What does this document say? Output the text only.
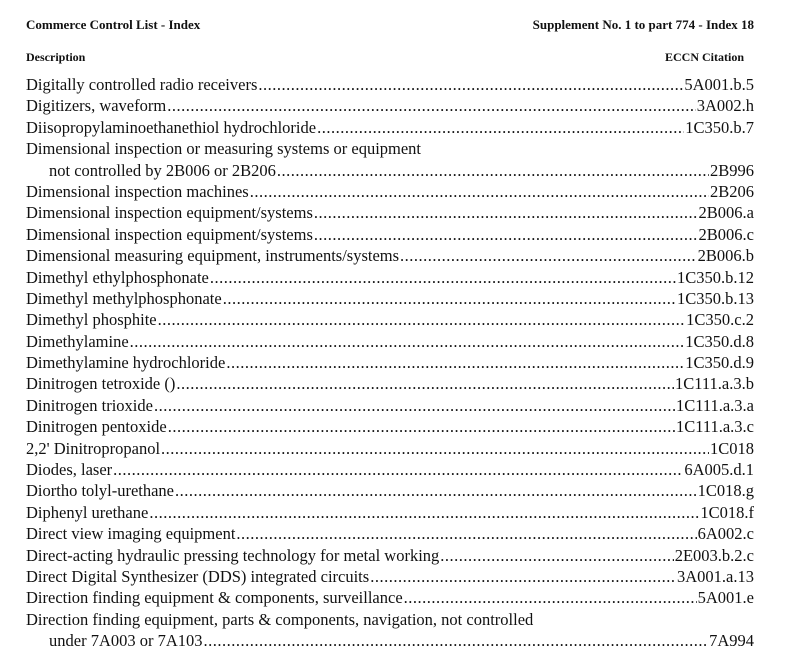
Commerce Control List - Index	Supplement No. 1 to part 774 - Index 18
Description	ECCN Citation
Digitally controlled radio receivers .....	5A001.b.5
Digitizers, waveform .....	3A002.h
Diisopropylaminoethanethiol hydrochloride .....	1C350.b.7
Dimensional inspection or measuring systems or equipment
not controlled by 2B006 or 2B206 .....	2B996
Dimensional inspection machines .....	2B206
Dimensional inspection equipment/systems .....	2B006.a
Dimensional inspection equipment/systems .....	2B006.c
Dimensional measuring equipment, instruments/systems .....	2B006.b
Dimethyl ethylphosphonate .....	1C350.b.12
Dimethyl methylphosphonate .....	1C350.b.13
Dimethyl phosphite .....	1C350.c.2
Dimethylamine .....	1C350.d.8
Dimethylamine hydrochloride .....	1C350.d.9
Dinitrogen tetroxide () .....	1C111.a.3.b
Dinitrogen trioxide .....	1C111.a.3.a
Dinitrogen pentoxide .....	1C111.a.3.c
2,2' Dinitropropanol .....	1C018
Diodes, laser .....	6A005.d.1
Diortho tolyl-urethane .....	1C018.g
Diphenyl urethane .....	1C018.f
Direct view imaging equipment .....	6A002.c
Direct-acting hydraulic pressing technology for metal working .....	2E003.b.2.c
Direct Digital Synthesizer (DDS) integrated circuits .....	3A001.a.13
Direction finding equipment & components, surveillance .....	5A001.e
Direction finding equipment, parts & components, navigation, not controlled
under 7A003 or 7A103 .....	7A994
